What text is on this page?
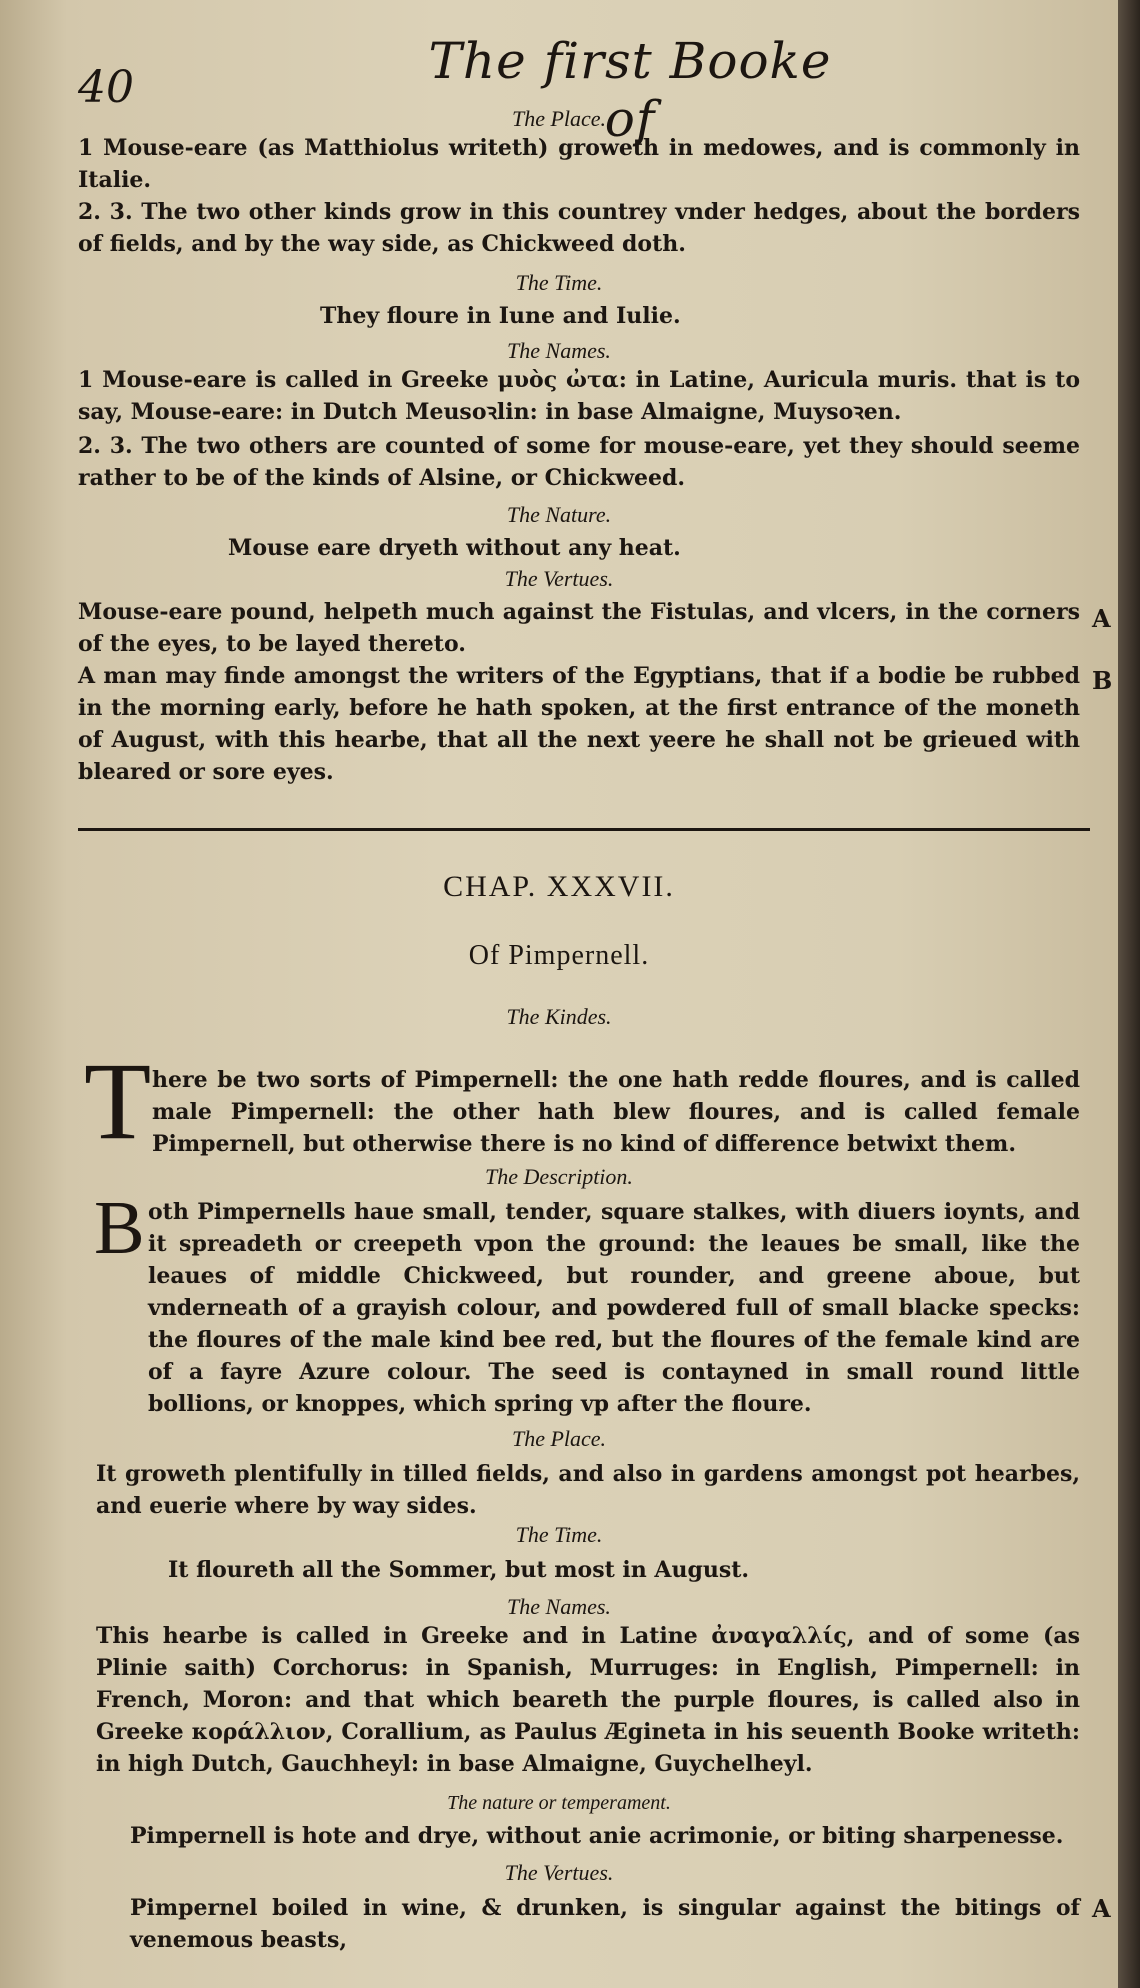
40	The first Booke of
The Place.

1 Mouse-eare (as Matthiolus writeth) groweth in medowes, and is commonly in Italie.

2. 3. The two other kinds grow in this countrey vnder hedges, about the borders of fields, and by the way side, as Chickweed doth.

The Time.

They floure in Iune and Iulie.

The Names.

1 Mouse-eare is called in Greeke μυὸς ὠτα: in Latine, Auricula muris. that is to say, Mouse-eare: in Dutch Meusoꝛlin: in base Almaigne, Muysoꝛen.

2. 3. The two others are counted of some for mouse-eare, yet they should seeme rather to be of the kinds of Alsine, or Chickweed.

The Nature.

Mouse eare dryeth without any heat.

The Vertues.

Mouse-eare pound, helpeth much against the Fistulas, and vlcers, in the corners of the eyes, to be layed thereto.

A man may finde amongst the writers of the Egyptians, that if a bodie be rubbed in the morning early, before he hath spoken, at the first entrance of the moneth of August, with this hearbe, that all the next yeere he shall not be grieued with bleared or sore eyes.

A
B
CHAP. XXXVII.
Of Pimpernell.
The Kindes.
T here be two sorts of Pimpernell: the one hath redde floures, and is called male Pimpernell: the other hath blew floures, and is called female Pimpernell, but otherwise there is no kind of difference betwixt them.

The Description.
B oth Pimpernells haue small, tender, square stalkes, with diuers ioynts, and it spreadeth or creepeth vpon the ground: the leaues be small, like the leaues of middle Chickweed, but rounder, and greene aboue, but vnderneath of a grayish colour, and powdered full of small blacke specks: the floures of the male kind bee red, but the floures of the female kind are of a fayre Azure colour. The seed is contayned in small round little bollions, or knoppes, which spring vp after the floure.

The Place.

It groweth plentifully in tilled fields, and also in gardens amongst pot hearbes, and euerie where by way sides.

The Time.

It floureth all the Sommer, but most in August.

The Names.

This hearbe is called in Greeke and in Latine ἀναγαλλίς, and of some (as Plinie saith) Corchorus: in Spanish, Murruges: in English, Pimpernell: in French, Moron: and that which beareth the purple floures, is called also in Greeke κοράλλιον, Corallium, as Paulus Ægineta in his seuenth Booke writeth: in high Dutch, Gauchheyl: in base Almaigne, Guychelheyl.

The nature or temperament.

Pimpernell is hote and drye, without anie acrimonie, or biting sharpenesse.

The Vertues.

Pimpernel boiled in wine, & drunken, is singular against the bitings of venemous beasts,

A
